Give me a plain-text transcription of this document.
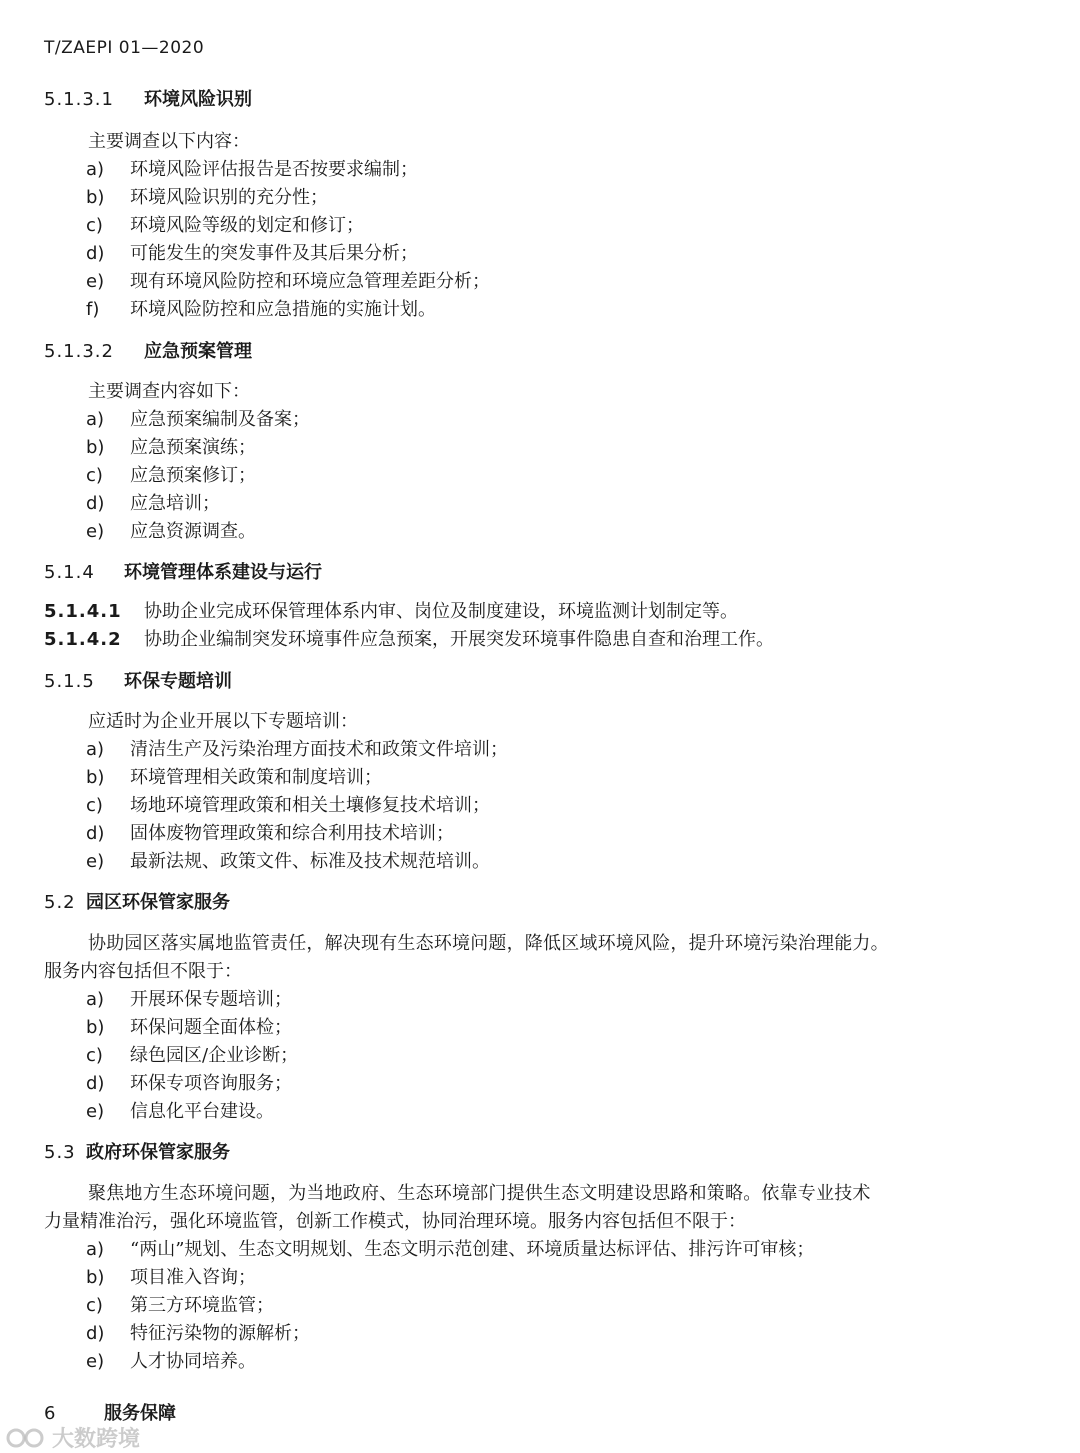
T/ZAEPI 01—2020
5.1.3.1 环境风险识别
主要调查以下内容：
a) 环境风险评估报告是否按要求编制；
b) 环境风险识别的充分性；
c) 环境风险等级的划定和修订；
d) 可能发生的突发事件及其后果分析；
e) 现有环境风险防控和环境应急管理差距分析；
f) 环境风险防控和应急措施的实施计划。
5.1.3.2 应急预案管理
主要调查内容如下：
a) 应急预案编制及备案；
b) 应急预案演练；
c) 应急预案修订；
d) 应急培训；
e) 应急资源调查。
5.1.4 环境管理体系建设与运行
5.1.4.1 协助企业完成环保管理体系内审、岗位及制度建设，环境监测计划制定等。
5.1.4.2 协助企业编制突发环境事件应急预案，开展突发环境事件隐患自查和治理工作。
5.1.5 环保专题培训
应适时为企业开展以下专题培训：
a) 清洁生产及污染治理方面技术和政策文件培训；
b) 环境管理相关政策和制度培训；
c) 场地环境管理政策和相关土壤修复技术培训；
d) 固体废物管理政策和综合利用技术培训；
e) 最新法规、政策文件、标准及技术规范培训。
5.2 园区环保管家服务
协助园区落实属地监管责任，解决现有生态环境问题，降低区域环境风险，提升环境污染治理能力。
服务内容包括但不限于：
a) 开展环保专题培训；
b) 环保问题全面体检；
c) 绿色园区/企业诊断；
d) 环保专项咨询服务；
e) 信息化平台建设。
5.3 政府环保管家服务
聚焦地方生态环境问题，为当地政府、生态环境部门提供生态文明建设思路和策略。依靠专业技术
力量精准治污，强化环境监管，创新工作模式，协同治理环境。服务内容包括但不限于：
a) “两山”规划、生态文明规划、生态文明示范创建、环境质量达标评估、排污许可审核；
b) 项目准入咨询；
c) 第三方环境监管；
d) 特征污染物的源解析；
e) 人才协同培养。
6	服务保障
大数跨境
